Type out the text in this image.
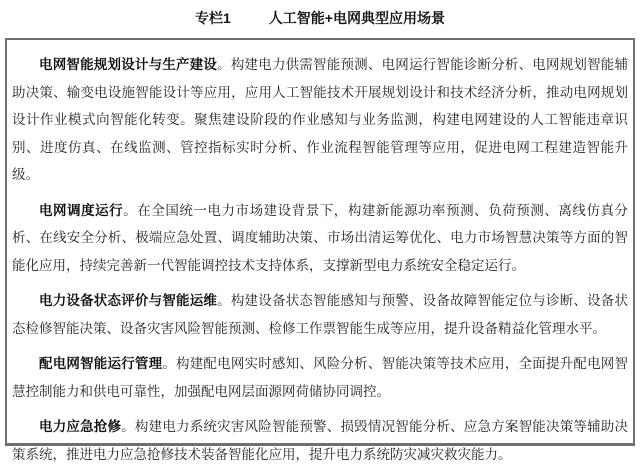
专栏1	人工智能+电网典型应用场景

电网智能规划设计与生产建设。构建电力供需智能预测、电网运行智能诊断分析、电网规划智能辅助决策、输变电设施智能设计等应用，应用人工智能技术开展规划设计和技术经济分析，推动电网规划设计作业模式向智能化转变。聚焦建设阶段的作业感知与业务监测，构建电网建设的人工智能违章识别、进度仿真、在线监测、管控指标实时分析、作业流程智能管理等应用，促进电网工程建造智能升级。

电网调度运行。在全国统一电力市场建设背景下，构建新能源功率预测、负荷预测、离线仿真分析、在线安全分析、极端应急处置、调度辅助决策、市场出清运筹优化、电力市场智慧决策等方面的智能化应用，持续完善新一代智能调控技术支持体系，支撑新型电力系统安全稳定运行。

电力设备状态评价与智能运维。构建设备状态智能感知与预警、设备故障智能定位与诊断、设备状态检修智能决策、设备灾害风险智能预测、检修工作票智能生成等应用，提升设备精益化管理水平。

配电网智能运行管理。构建配电网实时感知、风险分析、智能决策等技术应用，全面提升配电网智慧控制能力和供电可靠性，加强配电网层面源网荷储协同调控。

电力应急抢修。构建电力系统灾害风险智能预警、损毁情况智能分析、应急方案智能决策等辅助决策系统，推进电力应急抢修技术装备智能化应用，提升电力系统防灾减灾救灾能力。
